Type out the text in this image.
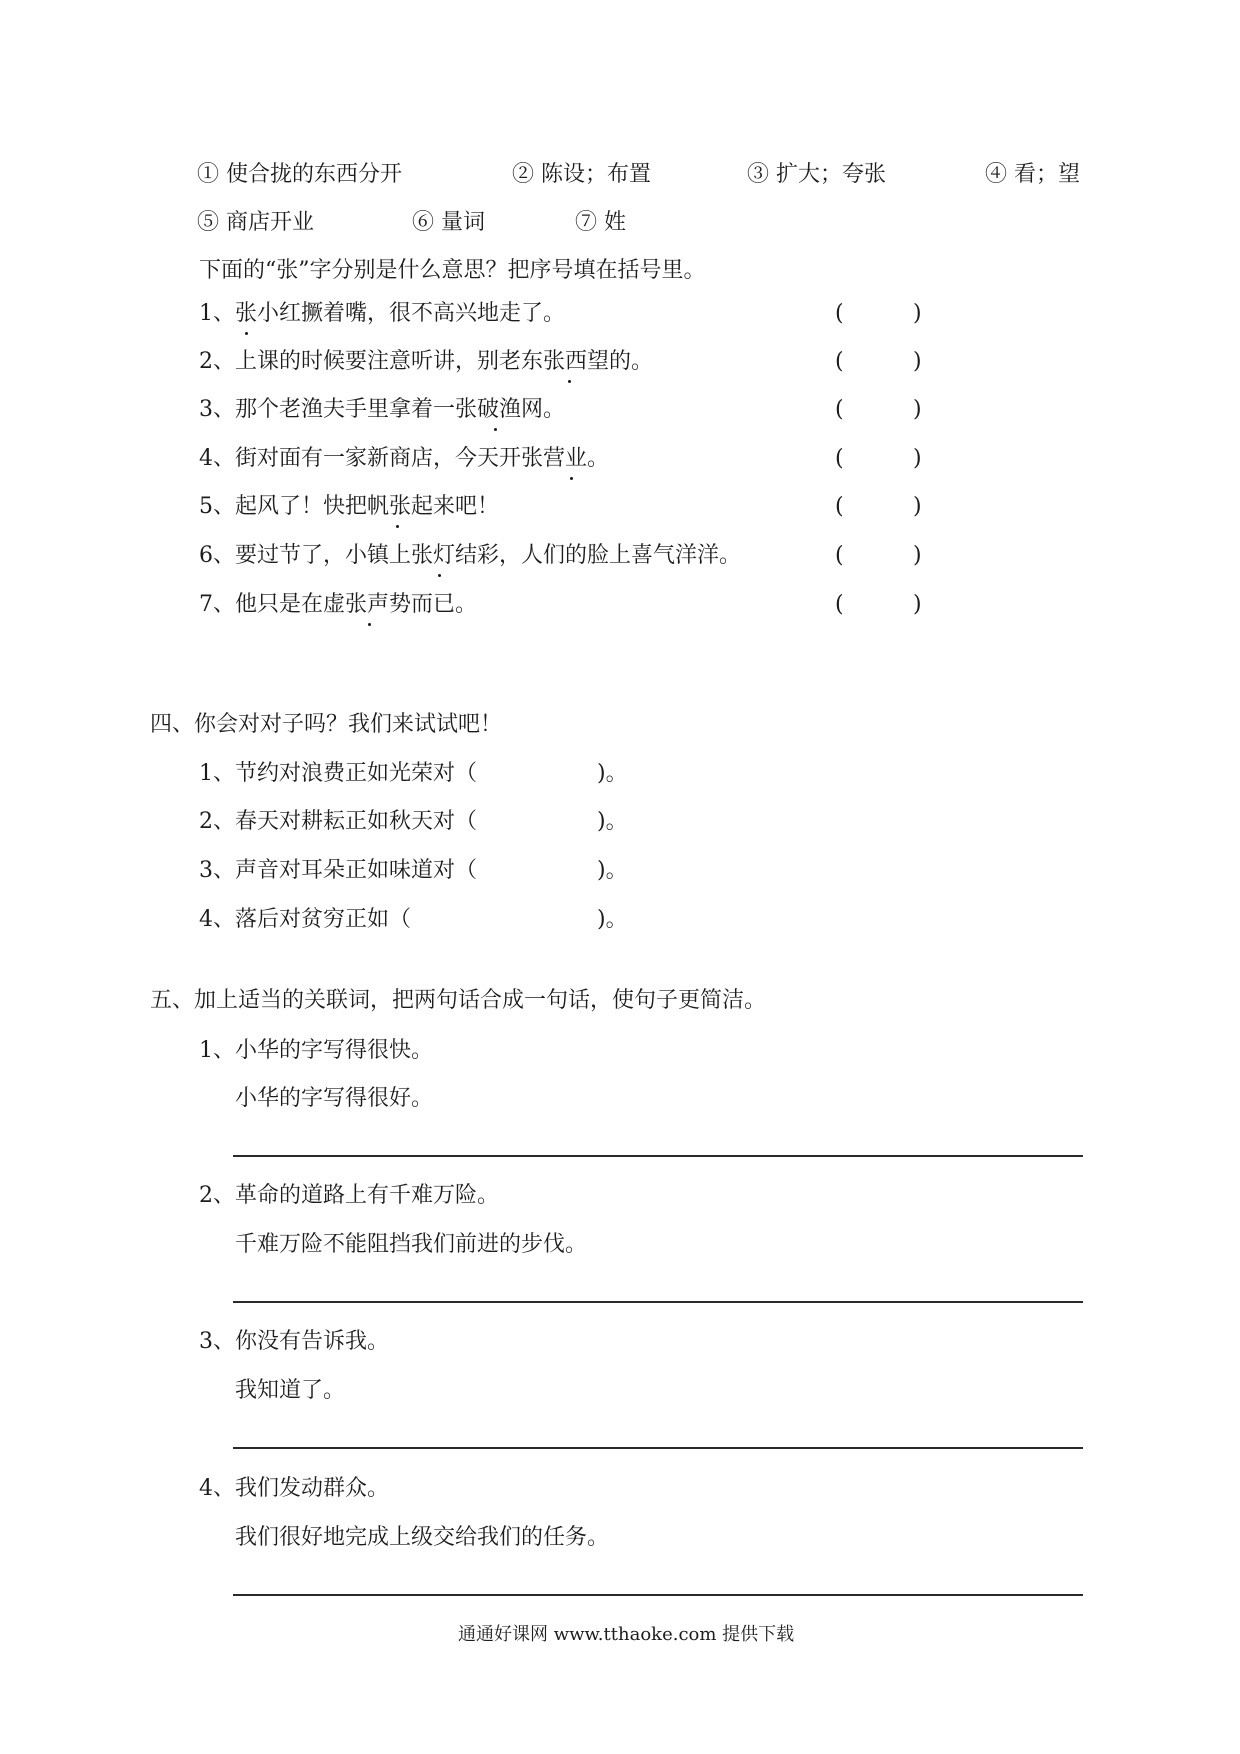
① 使合拢的东西分开	② 陈设；布置	③ 扩大；夸张	④ 看；望
⑤ 商店开业	⑥ 量词	⑦ 姓
下面的“张”字分别是什么意思？把序号填在括号里。
1、张小红撅着嘴，很不高兴地走了。	(	)
2、上课的时候要注意听讲，别老东张西望的。	(	)
3、那个老渔夫手里拿着一张破渔网。	(	)
4、街对面有一家新商店，今天开张营业。	(	)
5、起风了！快把帆张起来吧！	(	)
6、要过节了，小镇上张灯结彩，人们的脸上喜气洋洋。	(	)
7、他只是在虚张声势而已。	(	)
四、你会对对子吗？我们来试试吧！
1、节约对浪费正如光荣对（	)。
2、春天对耕耘正如秋天对（	)。
3、声音对耳朵正如味道对（	)。
4、落后对贫穷正如（	)。
五、加上适当的关联词，把两句话合成一句话，使句子更简洁。
1、小华的字写得很快。
小华的字写得很好。
2、革命的道路上有千难万险。
千难万险不能阻挡我们前进的步伐。
3、你没有告诉我。
我知道了。
4、我们发动群众。
我们很好地完成上级交给我们的任务。
通通好课网 www.tthaoke.com 提供下载
